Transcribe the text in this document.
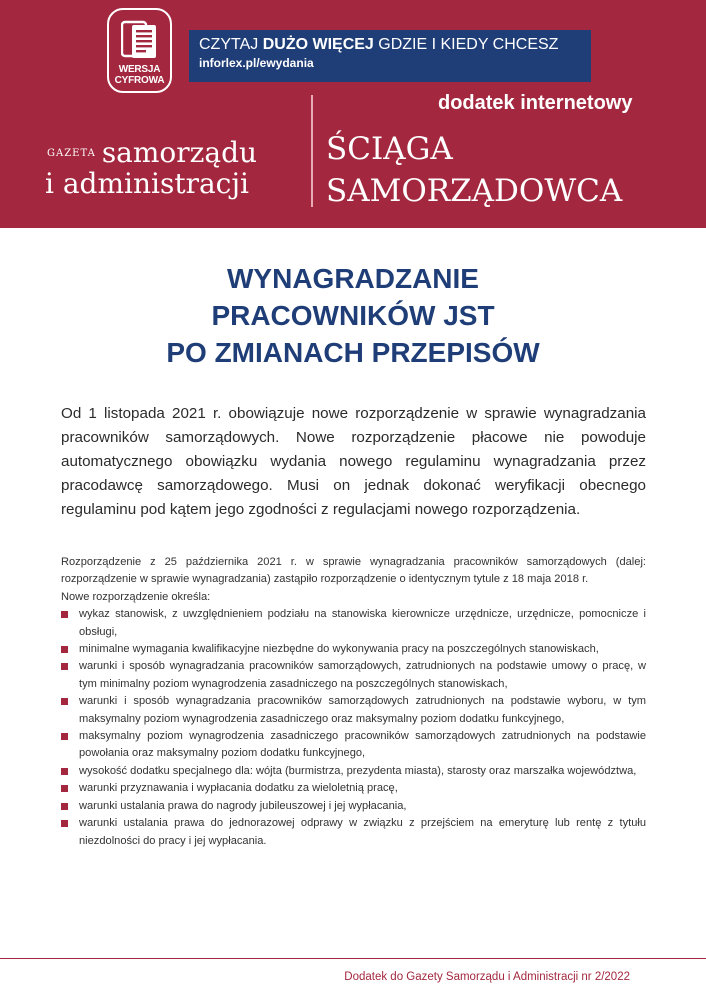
WERSJA
CYFROWA
CZYTAJ DUŻO WIĘCEJ GDZIE I KIEDY CHCESZ
inforlex.pl/ewydania
$^{GAZETA}$ samorządu
i administracji
dodatek internetowy
ŚCIĄGA
SAMORZĄDOWCA
WYNAGRADZANIE
PRACOWNIKÓW JST
PO ZMIANACH PRZEPISÓW
Od 1 listopada 2021 r. obowiązuje nowe rozporządzenie w sprawie wynagradzania pracowników samorządowych. Nowe rozporządzenie płacowe nie powoduje automatycznego obowiązku wydania nowego regulaminu wynagradzania przez pracodawcę samorządowego. Musi on jednak dokonać weryfikacji obecnego regulaminu pod kątem jego zgodności z regulacjami nowego rozporządzenia.

Rozporządzenie z 25 października 2021 r. w sprawie wynagradzania pracowników samorządowych (dalej: rozporządzenie w sprawie wynagradzania) zastąpiło rozporządzenie o identycznym tytule z 18 maja 2018 r.

Nowe rozporządzenie określa:

wykaz stanowisk, z uwzględnieniem podziału na stanowiska kierownicze urzędnicze, urzędnicze, pomocnicze i obsługi,
minimalne wymagania kwalifikacyjne niezbędne do wykonywania pracy na poszczególnych stanowiskach,
warunki i sposób wynagradzania pracowników samorządowych, zatrudnionych na podstawie umowy o pracę, w tym minimalny poziom wynagrodzenia zasadniczego na poszczególnych stanowiskach,
warunki i sposób wynagradzania pracowników samorządowych zatrudnionych na podstawie wyboru, w tym maksymalny poziom wynagrodzenia zasadniczego oraz maksymalny poziom dodatku funkcyjnego,
maksymalny poziom wynagrodzenia zasadniczego pracowników samorządowych zatrudnionych na podstawie powołania oraz maksymalny poziom dodatku funkcyjnego,
wysokość dodatku specjalnego dla: wójta (burmistrza, prezydenta miasta), starosty oraz marszałka województwa,
warunki przyznawania i wypłacania dodatku za wieloletnią pracę,
warunki ustalania prawa do nagrody jubileuszowej i jej wypłacania,
warunki ustalania prawa do jednorazowej odprawy w związku z przejściem na emeryturę lub rentę z tytułu niezdolności do pracy i jej wypłacania.
Dodatek do Gazety Samorządu i Administracji nr 2/2022
